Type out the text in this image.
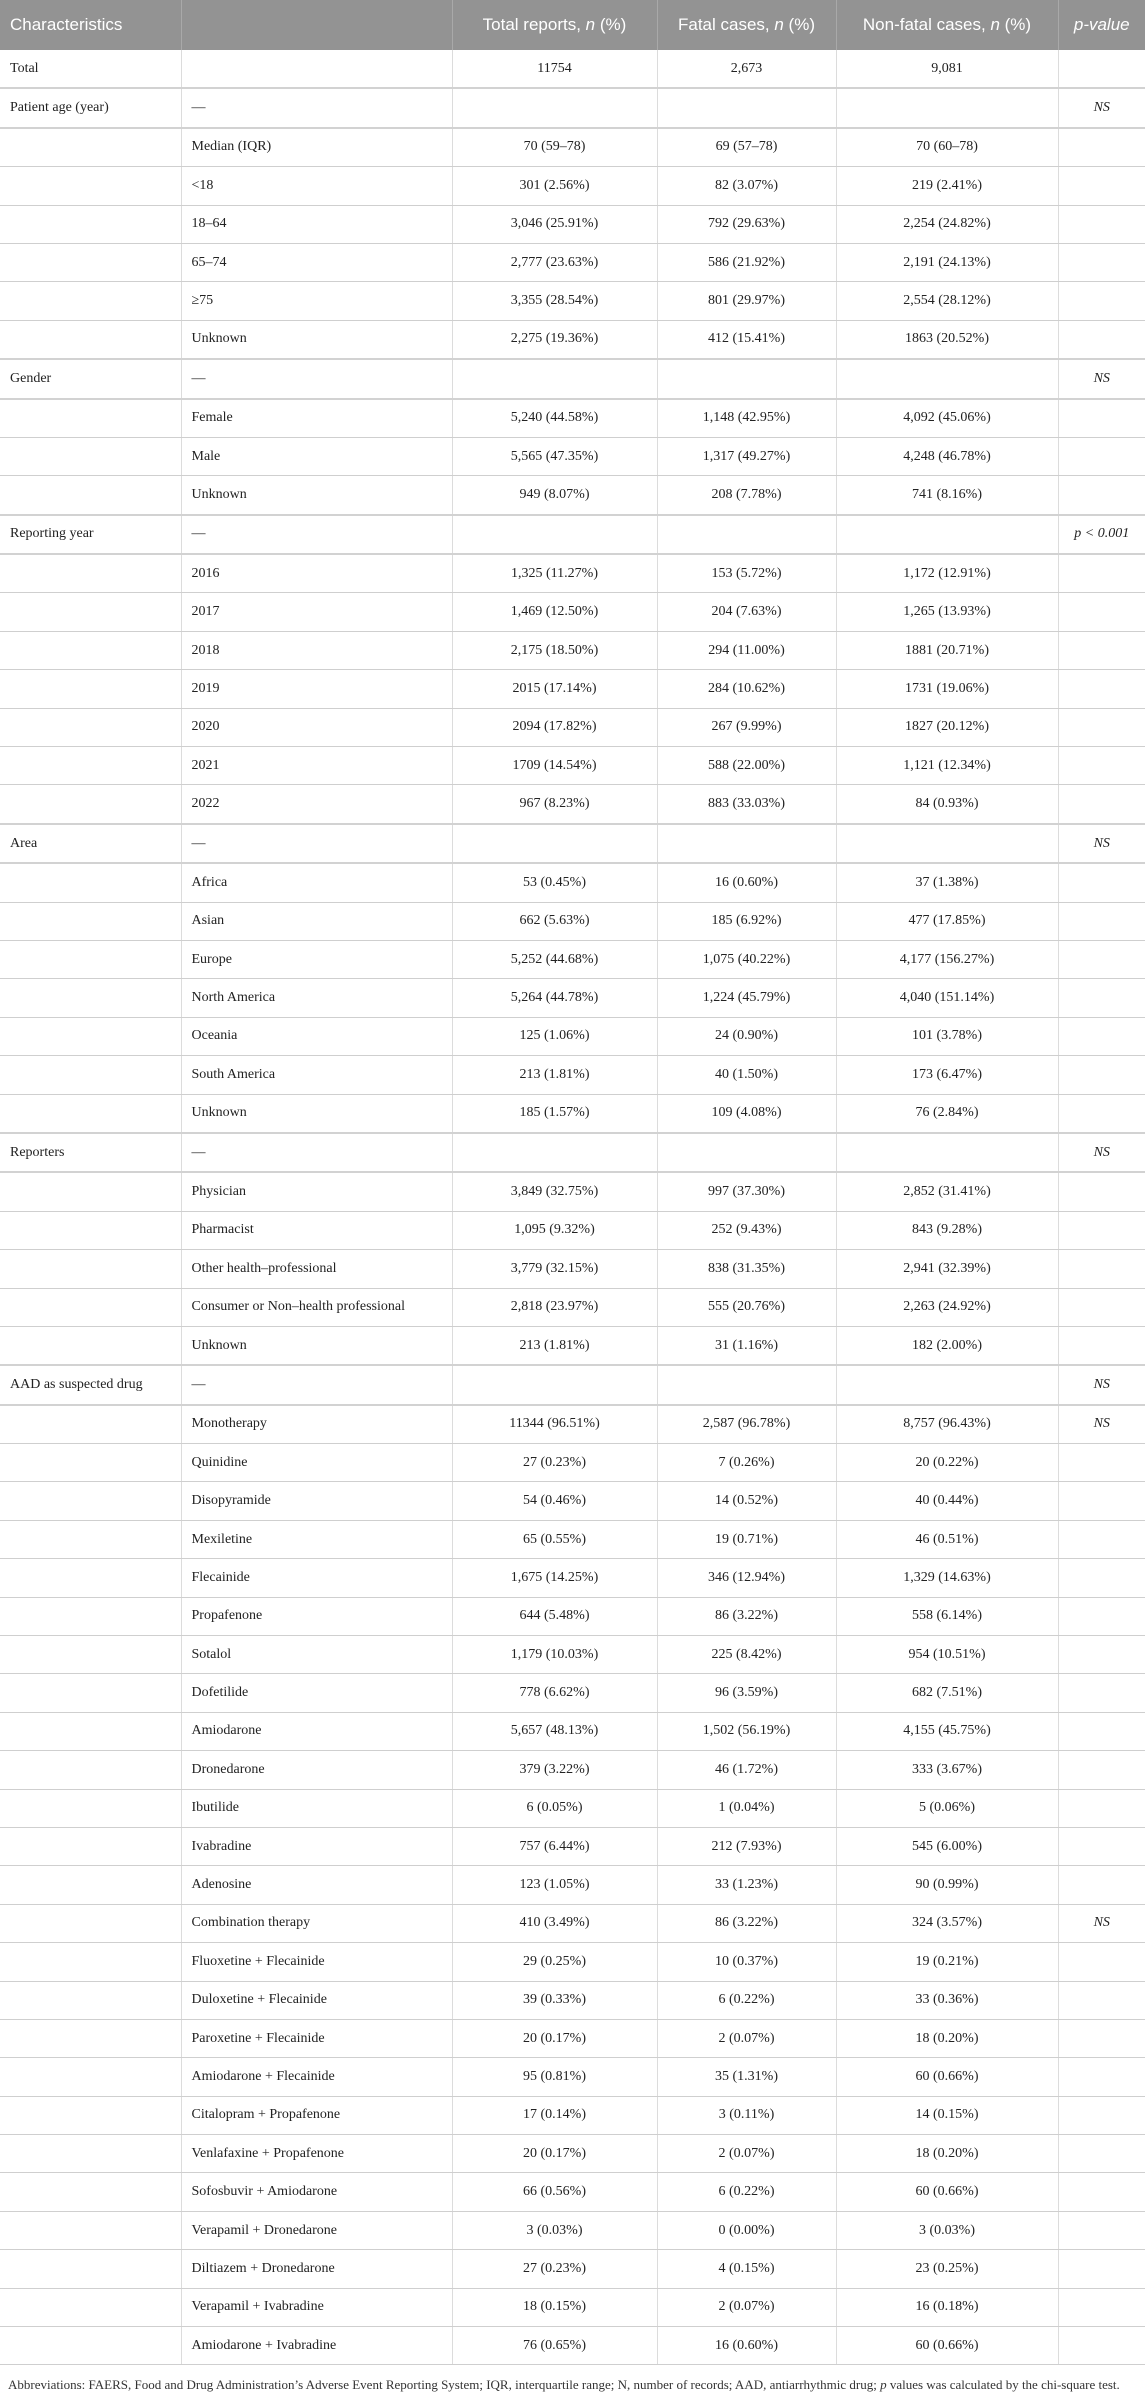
Characteristics		Total reports, n (%)	Fatal cases, n (%)	Non-fatal cases, n (%)	p-value
Total		11754	2,673	9,081	
Patient age (year)	—				NS
	Median (IQR)	70 (59–78)	69 (57–78)	70 (60–78)	
	<18	301 (2.56%)	82 (3.07%)	219 (2.41%)	
	18–64	3,046 (25.91%)	792 (29.63%)	2,254 (24.82%)	
	65–74	2,777 (23.63%)	586 (21.92%)	2,191 (24.13%)	
	≥75	3,355 (28.54%)	801 (29.97%)	2,554 (28.12%)	
	Unknown	2,275 (19.36%)	412 (15.41%)	1863 (20.52%)	
Gender	—				NS
	Female	5,240 (44.58%)	1,148 (42.95%)	4,092 (45.06%)	
	Male	5,565 (47.35%)	1,317 (49.27%)	4,248 (46.78%)	
	Unknown	949 (8.07%)	208 (7.78%)	741 (8.16%)	
Reporting year	—				p < 0.001
	2016	1,325 (11.27%)	153 (5.72%)	1,172 (12.91%)	
	2017	1,469 (12.50%)	204 (7.63%)	1,265 (13.93%)	
	2018	2,175 (18.50%)	294 (11.00%)	1881 (20.71%)	
	2019	2015 (17.14%)	284 (10.62%)	1731 (19.06%)	
	2020	2094 (17.82%)	267 (9.99%)	1827 (20.12%)	
	2021	1709 (14.54%)	588 (22.00%)	1,121 (12.34%)	
	2022	967 (8.23%)	883 (33.03%)	84 (0.93%)	
Area	—				NS
	Africa	53 (0.45%)	16 (0.60%)	37 (1.38%)	
	Asian	662 (5.63%)	185 (6.92%)	477 (17.85%)	
	Europe	5,252 (44.68%)	1,075 (40.22%)	4,177 (156.27%)	
	North America	5,264 (44.78%)	1,224 (45.79%)	4,040 (151.14%)	
	Oceania	125 (1.06%)	24 (0.90%)	101 (3.78%)	
	South America	213 (1.81%)	40 (1.50%)	173 (6.47%)	
	Unknown	185 (1.57%)	109 (4.08%)	76 (2.84%)	
Reporters	—				NS
	Physician	3,849 (32.75%)	997 (37.30%)	2,852 (31.41%)	
	Pharmacist	1,095 (9.32%)	252 (9.43%)	843 (9.28%)	
	Other health–professional	3,779 (32.15%)	838 (31.35%)	2,941 (32.39%)	
	Consumer or Non–health professional	2,818 (23.97%)	555 (20.76%)	2,263 (24.92%)	
	Unknown	213 (1.81%)	31 (1.16%)	182 (2.00%)	
AAD as suspected drug	—				NS
	Monotherapy	11344 (96.51%)	2,587 (96.78%)	8,757 (96.43%)	NS
	Quinidine	27 (0.23%)	7 (0.26%)	20 (0.22%)	
	Disopyramide	54 (0.46%)	14 (0.52%)	40 (0.44%)	
	Mexiletine	65 (0.55%)	19 (0.71%)	46 (0.51%)	
	Flecainide	1,675 (14.25%)	346 (12.94%)	1,329 (14.63%)	
	Propafenone	644 (5.48%)	86 (3.22%)	558 (6.14%)	
	Sotalol	1,179 (10.03%)	225 (8.42%)	954 (10.51%)	
	Dofetilide	778 (6.62%)	96 (3.59%)	682 (7.51%)	
	Amiodarone	5,657 (48.13%)	1,502 (56.19%)	4,155 (45.75%)	
	Dronedarone	379 (3.22%)	46 (1.72%)	333 (3.67%)	
	Ibutilide	6 (0.05%)	1 (0.04%)	5 (0.06%)	
	Ivabradine	757 (6.44%)	212 (7.93%)	545 (6.00%)	
	Adenosine	123 (1.05%)	33 (1.23%)	90 (0.99%)	
	Combination therapy	410 (3.49%)	86 (3.22%)	324 (3.57%)	NS
	Fluoxetine + Flecainide	29 (0.25%)	10 (0.37%)	19 (0.21%)	
	Duloxetine + Flecainide	39 (0.33%)	6 (0.22%)	33 (0.36%)	
	Paroxetine + Flecainide	20 (0.17%)	2 (0.07%)	18 (0.20%)	
	Amiodarone + Flecainide	95 (0.81%)	35 (1.31%)	60 (0.66%)	
	Citalopram + Propafenone	17 (0.14%)	3 (0.11%)	14 (0.15%)	
	Venlafaxine + Propafenone	20 (0.17%)	2 (0.07%)	18 (0.20%)	
	Sofosbuvir + Amiodarone	66 (0.56%)	6 (0.22%)	60 (0.66%)	
	Verapamil + Dronedarone	3 (0.03%)	0 (0.00%)	3 (0.03%)	
	Diltiazem + Dronedarone	27 (0.23%)	4 (0.15%)	23 (0.25%)	
	Verapamil + Ivabradine	18 (0.15%)	2 (0.07%)	16 (0.18%)	
	Amiodarone + Ivabradine	76 (0.65%)	16 (0.60%)	60 (0.66%)	
Abbreviations: FAERS, Food and Drug Administration’s Adverse Event Reporting System; IQR, interquartile range; N, number of records; AAD, antiarrhythmic drug; p values was calculated by the chi-square test.
